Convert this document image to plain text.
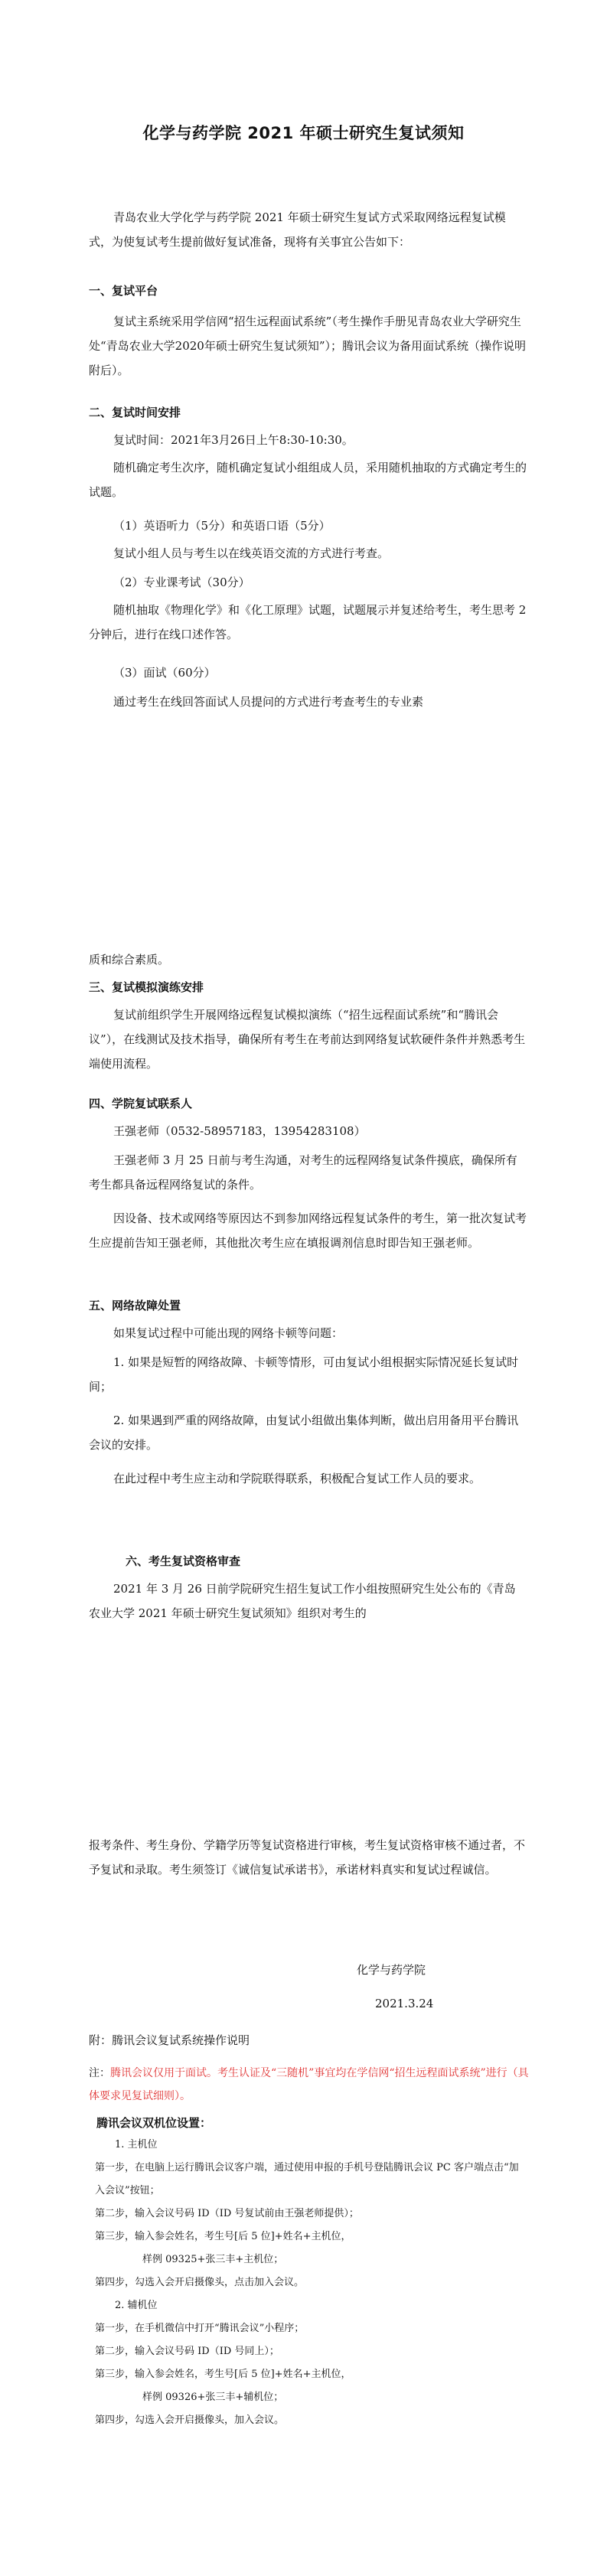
化学与药学院 2021 年硕士研究生复试须知

青岛农业大学化学与药学院 2021 年硕士研究生复试方式采取网络远程复试模式，为使复试考生提前做好复试准备，现将有关事宜公告如下：

一、复试平台

复试主系统采用学信网“招生远程面试系统”（考生操作手册见青岛农业大学研究生处“青岛农业大学2020年硕士研究生复试须知”）；腾讯会议为备用面试系统（操作说明附后）。

二、复试时间安排

复试时间：2021年3月26日上午8:30-10:30。

随机确定考生次序，随机确定复试小组组成人员，采用随机抽取的方式确定考生的试题。

（1）英语听力（5分）和英语口语（5分）

复试小组人员与考生以在线英语交流的方式进行考查。

（2）专业课考试（30分）

随机抽取《物理化学》和《化工原理》试题，试题展示并复述给考生，考生思考 2 分钟后，进行在线口述作答。

（3）面试（60分）

通过考生在线回答面试人员提问的方式进行考查考生的专业素

质和综合素质。

三、复试模拟演练安排

复试前组织学生开展网络远程复试模拟演练（“招生远程面试系统”和“腾讯会议”），在线测试及技术指导，确保所有考生在考前达到网络复试软硬件条件并熟悉考生端使用流程。

四、学院复试联系人

王强老师（0532-58957183，13954283108）

王强老师 3 月 25 日前与考生沟通，对考生的远程网络复试条件摸底，确保所有考生都具备远程网络复试的条件。

因设备、技术或网络等原因达不到参加网络远程复试条件的考生，第一批次复试考生应提前告知王强老师，其他批次考生应在填报调剂信息时即告知王强老师。

五、网络故障处置

如果复试过程中可能出现的网络卡顿等问题：

1. 如果是短暂的网络故障、卡顿等情形，可由复试小组根据实际情况延长复试时间；

2. 如果遇到严重的网络故障，由复试小组做出集体判断，做出启用备用平台腾讯会议的安排。

在此过程中考生应主动和学院联得联系，积极配合复试工作人员的要求。

六、考生复试资格审查

2021 年 3 月 26 日前学院研究生招生复试工作小组按照研究生处公布的《青岛农业大学 2021 年硕士研究生复试须知》组织对考生的

报考条件、考生身份、学籍学历等复试资格进行审核，考生复试资格审核不通过者，不予复试和录取。考生须签订《诚信复试承诺书》，承诺材料真实和复试过程诚信。

化学与药学院

2021.3.24

附：腾讯会议复试系统操作说明

注：腾讯会议仅用于面试。考生认证及“三随机”事宜均在学信网“招生远程面试系统”进行（具体要求见复试细则）。

腾讯会议双机位设置：

1. 主机位

第一步，在电脑上运行腾讯会议客户端，通过使用申报的手机号登陆腾讯会议 PC 客户端点击“加入会议”按钮；

第二步，输入会议号码 ID（ID 号复试前由王强老师提供）；

第三步，输入参会姓名，考生号[后 5 位]+姓名+主机位，

样例 09325+张三丰+主机位；

第四步，勾选入会开启摄像头，点击加入会议。

2. 辅机位

第一步，在手机微信中打开“腾讯会议”小程序；

第二步，输入会议号码 ID（ID 号同上）；

第三步，输入参会姓名，考生号[后 5 位]+姓名+主机位，

样例 09326+张三丰+辅机位；

第四步，勾选入会开启摄像头，加入会议。
